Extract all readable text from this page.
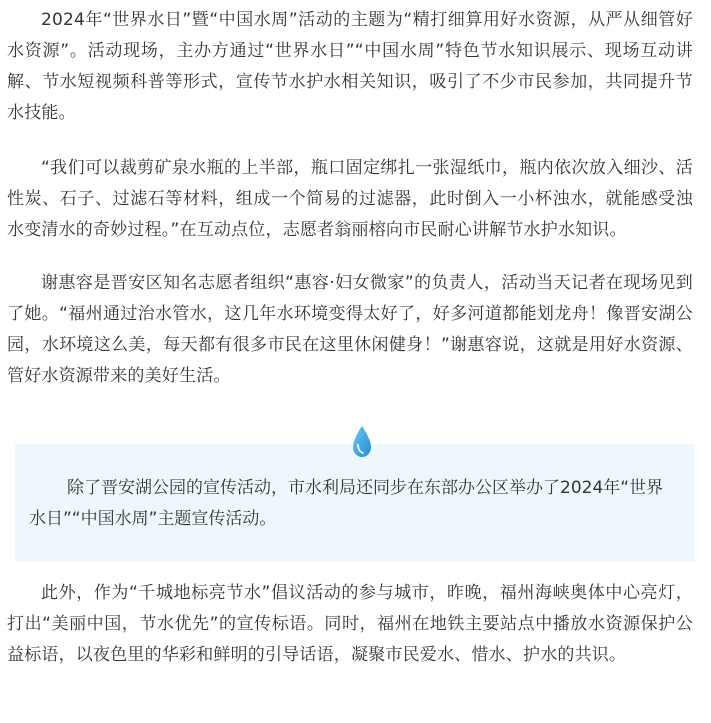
2024年“世界水日”暨“中国水周”活动的主题为“精打细算用好水资源，从严从细管好水资源”。活动现场，主办方通过“世界水日”“中国水周”特色节水知识展示、现场互动讲解、节水短视频科普等形式，宣传节水护水相关知识，吸引了不少市民参加，共同提升节水技能。

“我们可以裁剪矿泉水瓶的上半部，瓶口固定绑扎一张湿纸巾，瓶内依次放入细沙、活性炭、石子、过滤石等材料，组成一个简易的过滤器，此时倒入一小杯浊水，就能感受浊水变清水的奇妙过程。”在互动点位，志愿者翁丽榕向市民耐心讲解节水护水知识。

谢惠容是晋安区知名志愿者组织“惠容·妇女微家”的负责人，活动当天记者在现场见到了她。“福州通过治水管水，这几年水环境变得太好了，好多河道都能划龙舟！像晋安湖公园，水环境这么美，每天都有很多市民在这里休闲健身！”谢惠容说，这就是用好水资源、管好水资源带来的美好生活。

除了晋安湖公园的宣传活动，市水利局还同步在东部办公区举办了2024年“世界水日”“中国水周”主题宣传活动。

此外，作为“千城地标亮节水”倡议活动的参与城市，昨晚，福州海峡奥体中心亮灯，打出“美丽中国，节水优先”的宣传标语。同时，福州在地铁主要站点中播放水资源保护公益标语，以夜色里的华彩和鲜明的引导话语，凝聚市民爱水、惜水、护水的共识。
